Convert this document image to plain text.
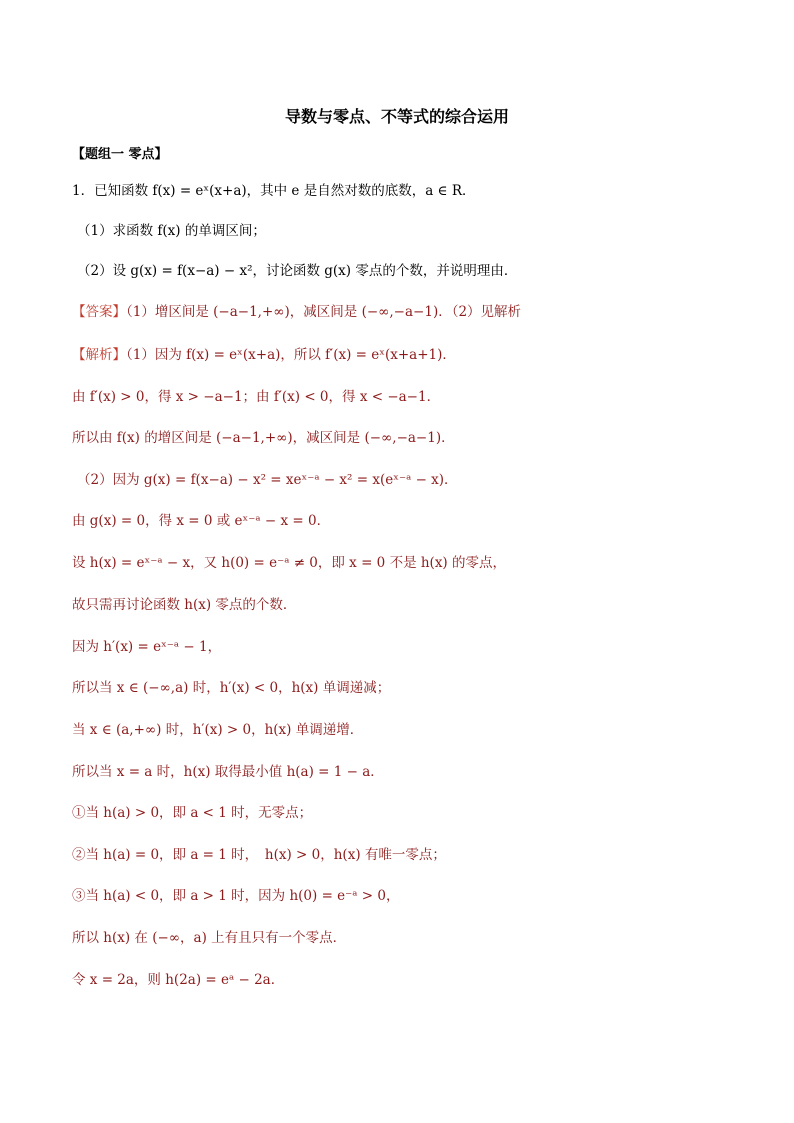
导数与零点、不等式的综合运用
【题组一 零点】
1．已知函数 f(x) = eˣ(x+a)，其中 e 是自然对数的底数，a ∈ R．
（1）求函数 f(x) 的单调区间；
（2）设 g(x) = f(x−a) − x²，讨论函数 g(x) 零点的个数，并说明理由．
【答案】（1）增区间是 (−a−1,+∞)，减区间是 (−∞,−a−1)．（2）见解析
【解析】（1）因为 f(x) = eˣ(x+a)，所以 f′(x) = eˣ(x+a+1)．
由 f′(x) > 0，得 x > −a−1；由 f′(x) < 0，得 x < −a−1．
所以由 f(x) 的增区间是 (−a−1,+∞)，减区间是 (−∞,−a−1)．
（2）因为 g(x) = f(x−a) − x² = xeˣ⁻ᵃ − x² = x(eˣ⁻ᵃ − x)．
由 g(x) = 0，得 x = 0 或 eˣ⁻ᵃ − x = 0．
设 h(x) = eˣ⁻ᵃ − x，又 h(0) = e⁻ᵃ ≠ 0，即 x = 0 不是 h(x) 的零点，
故只需再讨论函数 h(x) 零点的个数．
因为 h′(x) = eˣ⁻ᵃ − 1，
所以当 x ∈ (−∞,a) 时，h′(x) < 0，h(x) 单调递减；
当 x ∈ (a,+∞) 时，h′(x) > 0，h(x) 单调递增．
所以当 x = a 时，h(x) 取得最小值 h(a) = 1 − a．
①当 h(a) > 0，即 a < 1 时，无零点；
②当 h(a) = 0，即 a = 1 时，　h(x) > 0，h(x) 有唯一零点；
③当 h(a) < 0，即 a > 1 时，因为 h(0) = e⁻ᵃ > 0，
所以 h(x) 在 (−∞，a) 上有且只有一个零点．
令 x = 2a，则 h(2a) = eᵃ − 2a．
